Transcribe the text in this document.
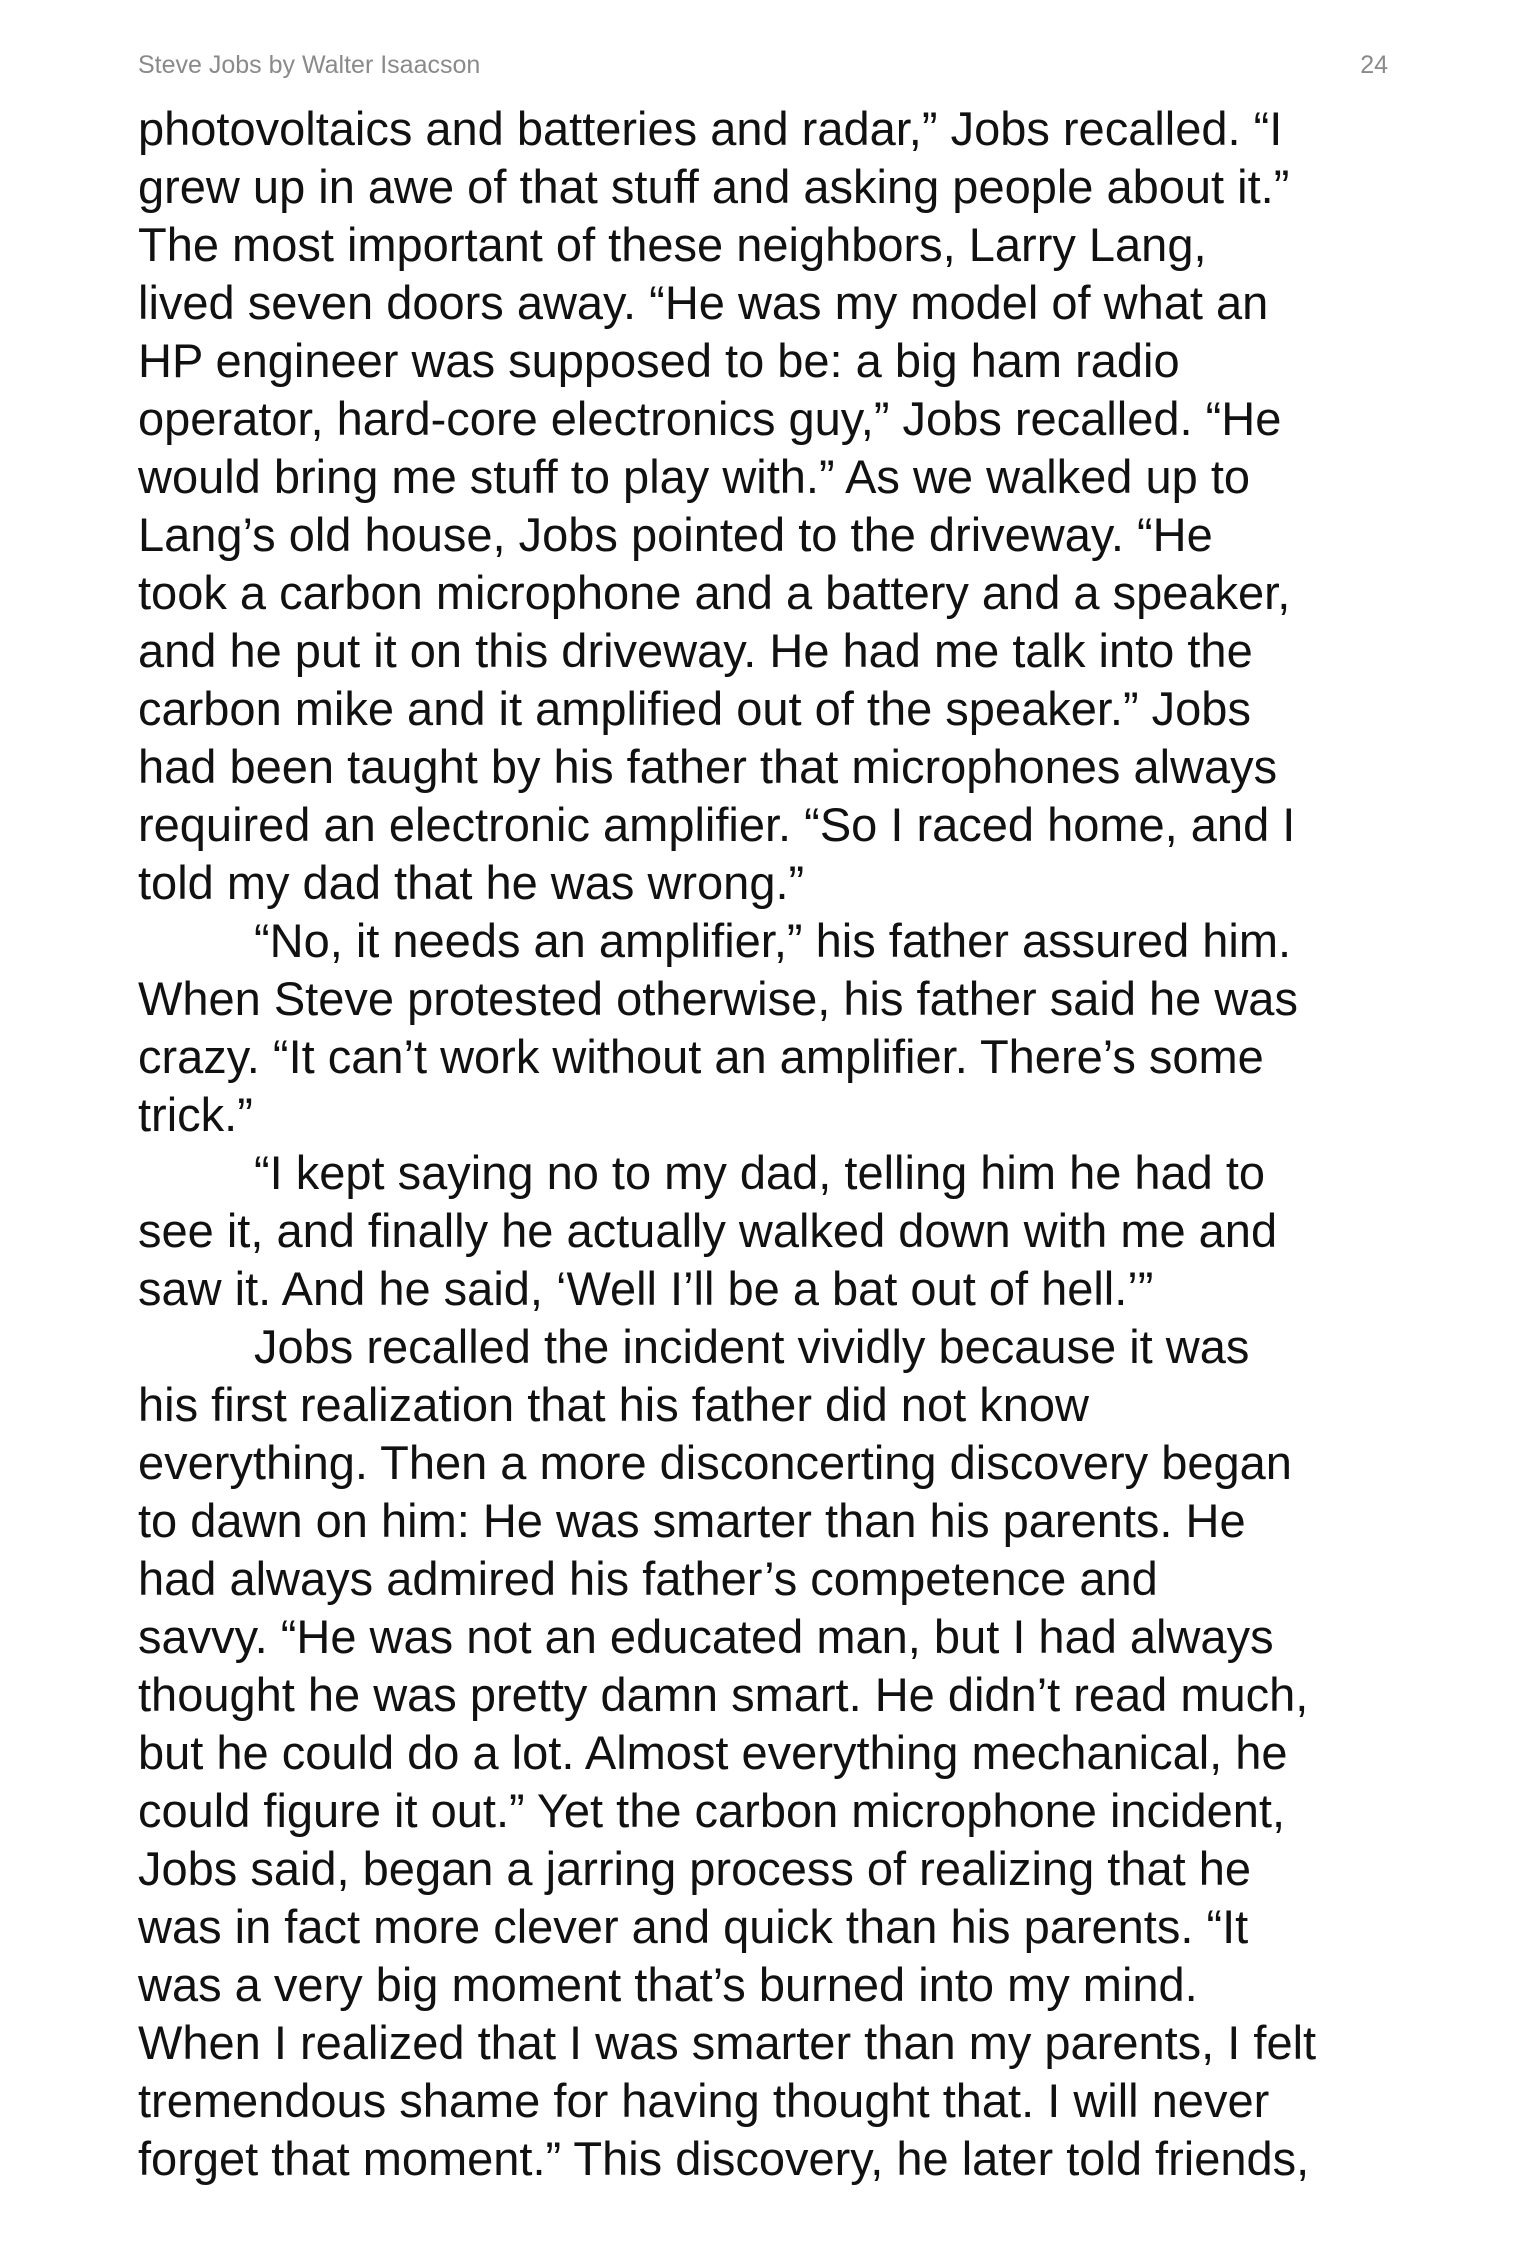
Steve Jobs by Walter Isaacson	24
photovoltaics and batteries and radar,” Jobs recalled. “I
grew up in awe of that stuff and asking people about it.”
The most important of these neighbors, Larry Lang,
lived seven doors away. “He was my model of what an
HP engineer was supposed to be: a big ham radio
operator, hard-core electronics guy,” Jobs recalled. “He
would bring me stuff to play with.” As we walked up to
Lang’s old house, Jobs pointed to the driveway. “He
took a carbon microphone and a battery and a speaker,
and he put it on this driveway. He had me talk into the
carbon mike and it amplified out of the speaker.” Jobs
had been taught by his father that microphones always
required an electronic amplifier. “So I raced home, and I
told my dad that he was wrong.”
“No, it needs an amplifier,” his father assured him.
When Steve protested otherwise, his father said he was
crazy. “It can’t work without an amplifier. There’s some
trick.”
“I kept saying no to my dad, telling him he had to
see it, and finally he actually walked down with me and
saw it. And he said, ‘Well I’ll be a bat out of hell.’”
Jobs recalled the incident vividly because it was
his first realization that his father did not know
everything. Then a more disconcerting discovery began
to dawn on him: He was smarter than his parents. He
had always admired his father’s competence and
savvy. “He was not an educated man, but I had always
thought he was pretty damn smart. He didn’t read much,
but he could do a lot. Almost everything mechanical, he
could figure it out.” Yet the carbon microphone incident,
Jobs said, began a jarring process of realizing that he
was in fact more clever and quick than his parents. “It
was a very big moment that’s burned into my mind.
When I realized that I was smarter than my parents, I felt
tremendous shame for having thought that. I will never
forget that moment.” This discovery, he later told friends,
